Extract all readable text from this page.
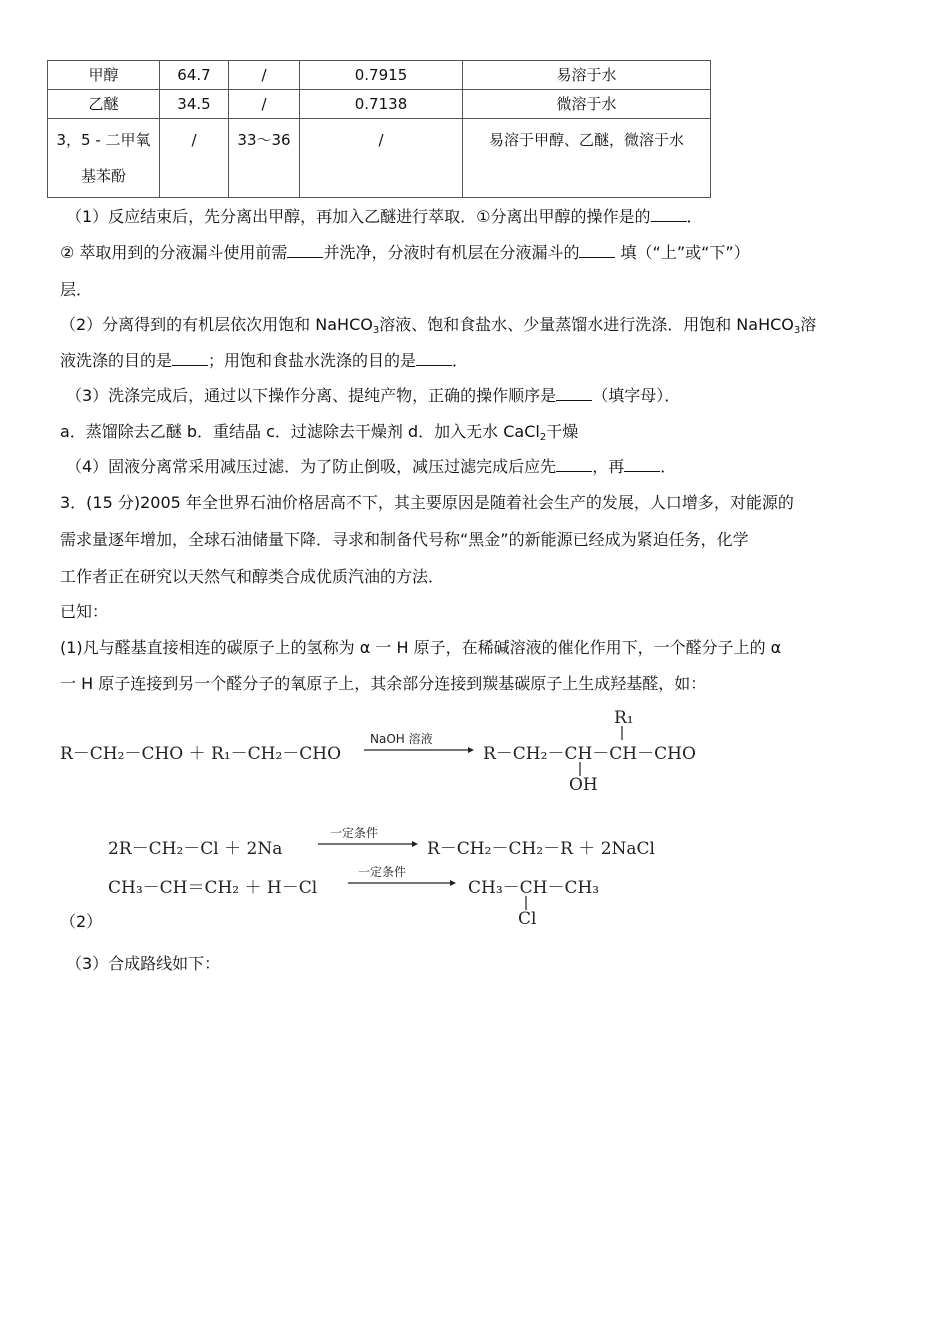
甲醇	64.7	/	0.7915	易溶于水
乙醚	34.5	/	0.7138	微溶于水
3，5 - 二甲氧基苯酚	/	33～36	/	易溶于甲醇、乙醚，微溶于水
（1）反应结束后，先分离出甲醇，再加入乙醚进行萃取．①分离出甲醇的操作是的 ．
② 萃取用到的分液漏斗使用前需 并洗净，分液时有机层在分液漏斗的 填（“上”或“下”）
层．
（2）分离得到的有机层依次用饱和 NaHCO$_3$溶液、饱和食盐水、少量蒸馏水进行洗涤．用饱和 NaHCO$_3$溶
液洗涤的目的是 ；用饱和食盐水洗涤的目的是 ．
（3）洗涤完成后，通过以下操作分离、提纯产物，正确的操作顺序是 （填字母）．
a．蒸馏除去乙醚 b．重结晶 c．过滤除去干燥剂 d．加入无水 CaCl$_2$干燥
（4）固液分离常采用减压过滤．为了防止倒吸，减压过滤完成后应先 ，再 ．
3．(15 分)2005 年全世界石油价格居高不下，其主要原因是随着社会生产的发展，人口增多，对能源的
需求量逐年增加，全球石油储量下降．寻求和制备代号称“黑金”的新能源已经成为紧迫任务，化学
工作者正在研究以天然气和醇类合成优质汽油的方法．
已知：
(1)凡与醛基直接相连的碳原子上的氢称为 α 一 H 原子，在稀碱溶液的催化作用下，一个醛分子上的 α
一 H 原子连接到另一个醛分子的氧原子上，其余部分连接到羰基碳原子上生成羟基醛，如：
R－CH₂－CHO ＋ R₁－CH₂－CHO
NaOH 溶液
R－CH₂－CH－CH－CHO
R₁
OH
2R－CH₂－Cl ＋ 2Na
一定条件
R－CH₂－CH₂－R ＋ 2NaCl
CH₃－CH＝CH₂ ＋ H－Cl
一定条件
CH₃－CH－CH₃
Cl
（2）
（3）合成路线如下：
